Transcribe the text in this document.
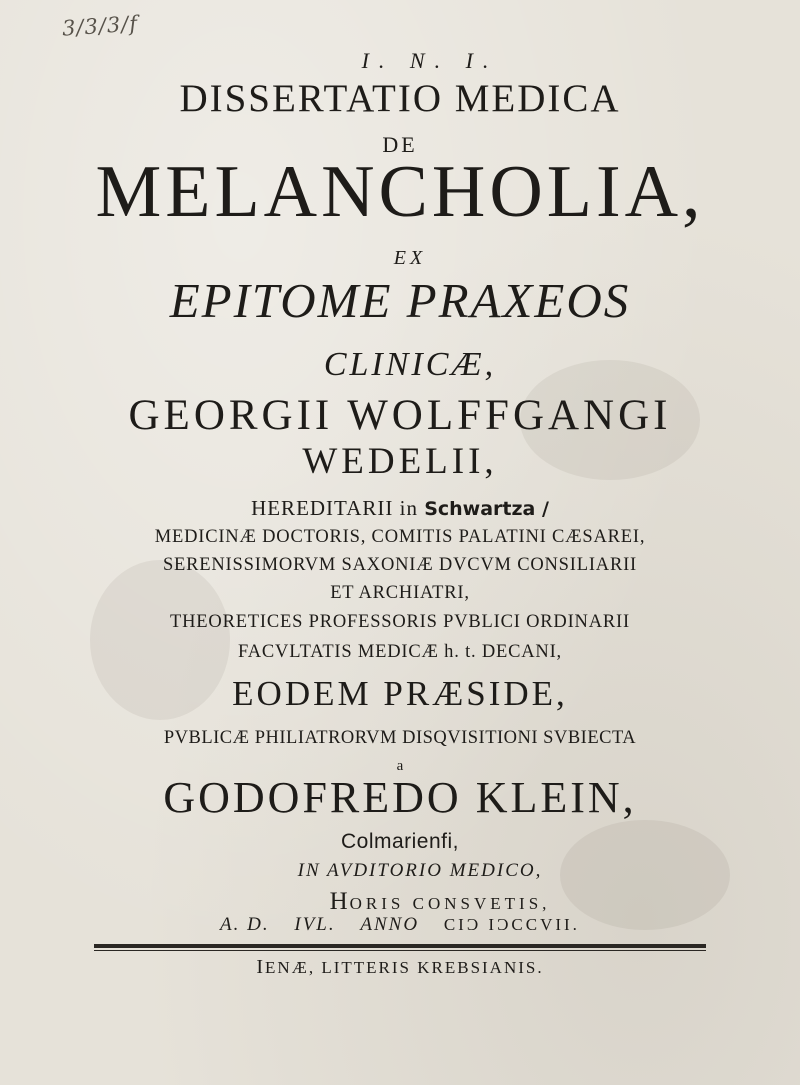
3/3/3/f
I. N. I.
DISSERTATIO MEDICA
DE
MELANCHOLIA,
EX
EPITOME PRAXEOS
CLINICÆ,
GEORGII WOLFFGANGI
WEDELII,
HEREDITARII in Schwartza /
MEDICINÆ DOCTORIS, COMITIS PALATINI CÆSAREI,
SERENISSIMORVM SAXONIÆ DVCVM CONSILIARII
ET ARCHIATRI,
THEORETICES PROFESSORIS PVBLICI ORDINARII
FACVLTATIS MEDICÆ h. t. DECANI,
EODEM PRÆSIDE,
PVBLICÆ PHILIATRORVM DISQVISITIONI SVBIECTA
a
GODOFREDO KLEIN,
Colmarienfi,
IN AVDITORIO MEDICO,
HORIS CONSVETIS,
A. D. IVL. ANNO CIϽ IϽCCVII.
IENÆ, LITTERIS KREBSIANIS.
